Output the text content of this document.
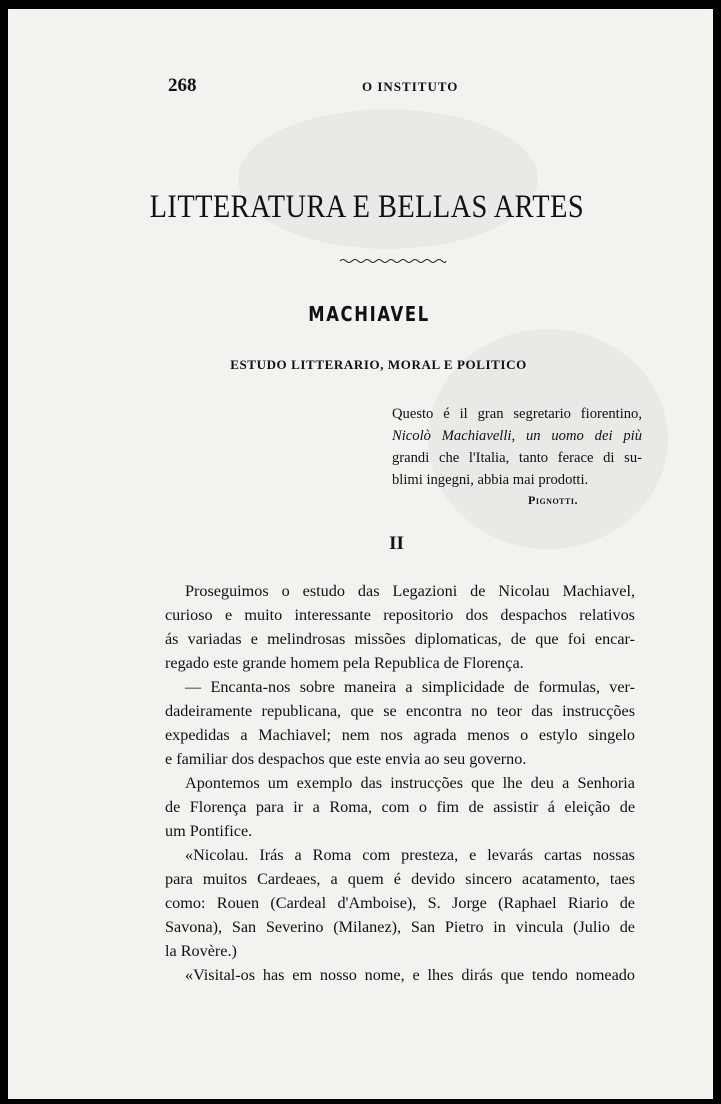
268	O INSTITUTO
LITTERATURA E BELLAS ARTES
MACHIAVEL
ESTUDO LITTERARIO, MORAL E POLITICO
Questo é il gran segretario fiorentino,
Nicolò Machiavelli, un uomo dei più
grandi che l'Italia, tanto ferace di su-
blimi ingegni, abbia mai prodotti.
Pignotti.
II
Proseguimos o estudo das Legazioni de Nicolau Machiavel,
curioso e muito interessante repositorio dos despachos relativos
ás variadas e melindrosas missões diplomaticas, de que foi encar-
regado este grande homem pela Republica de Florença.
— Encanta-nos sobre maneira a simplicidade de formulas, ver-
dadeiramente republicana, que se encontra no teor das instrucções
expedidas a Machiavel; nem nos agrada menos o estylo singelo
e familiar dos despachos que este envia ao seu governo.
Apontemos um exemplo das instrucções que lhe deu a Senhoria
de Florença para ir a Roma, com o fim de assistir á eleição de
um Pontifice.
«Nicolau. Irás a Roma com presteza, e levarás cartas nossas
para muitos Cardeaes, a quem é devido sincero acatamento, taes
como: Rouen (Cardeal d'Amboise), S. Jorge (Raphael Riario de
Savona), San Severino (Milanez), San Pietro in vincula (Julio de
la Rovère.)
«Visital-os has em nosso nome, e lhes dirás que tendo nomeado
